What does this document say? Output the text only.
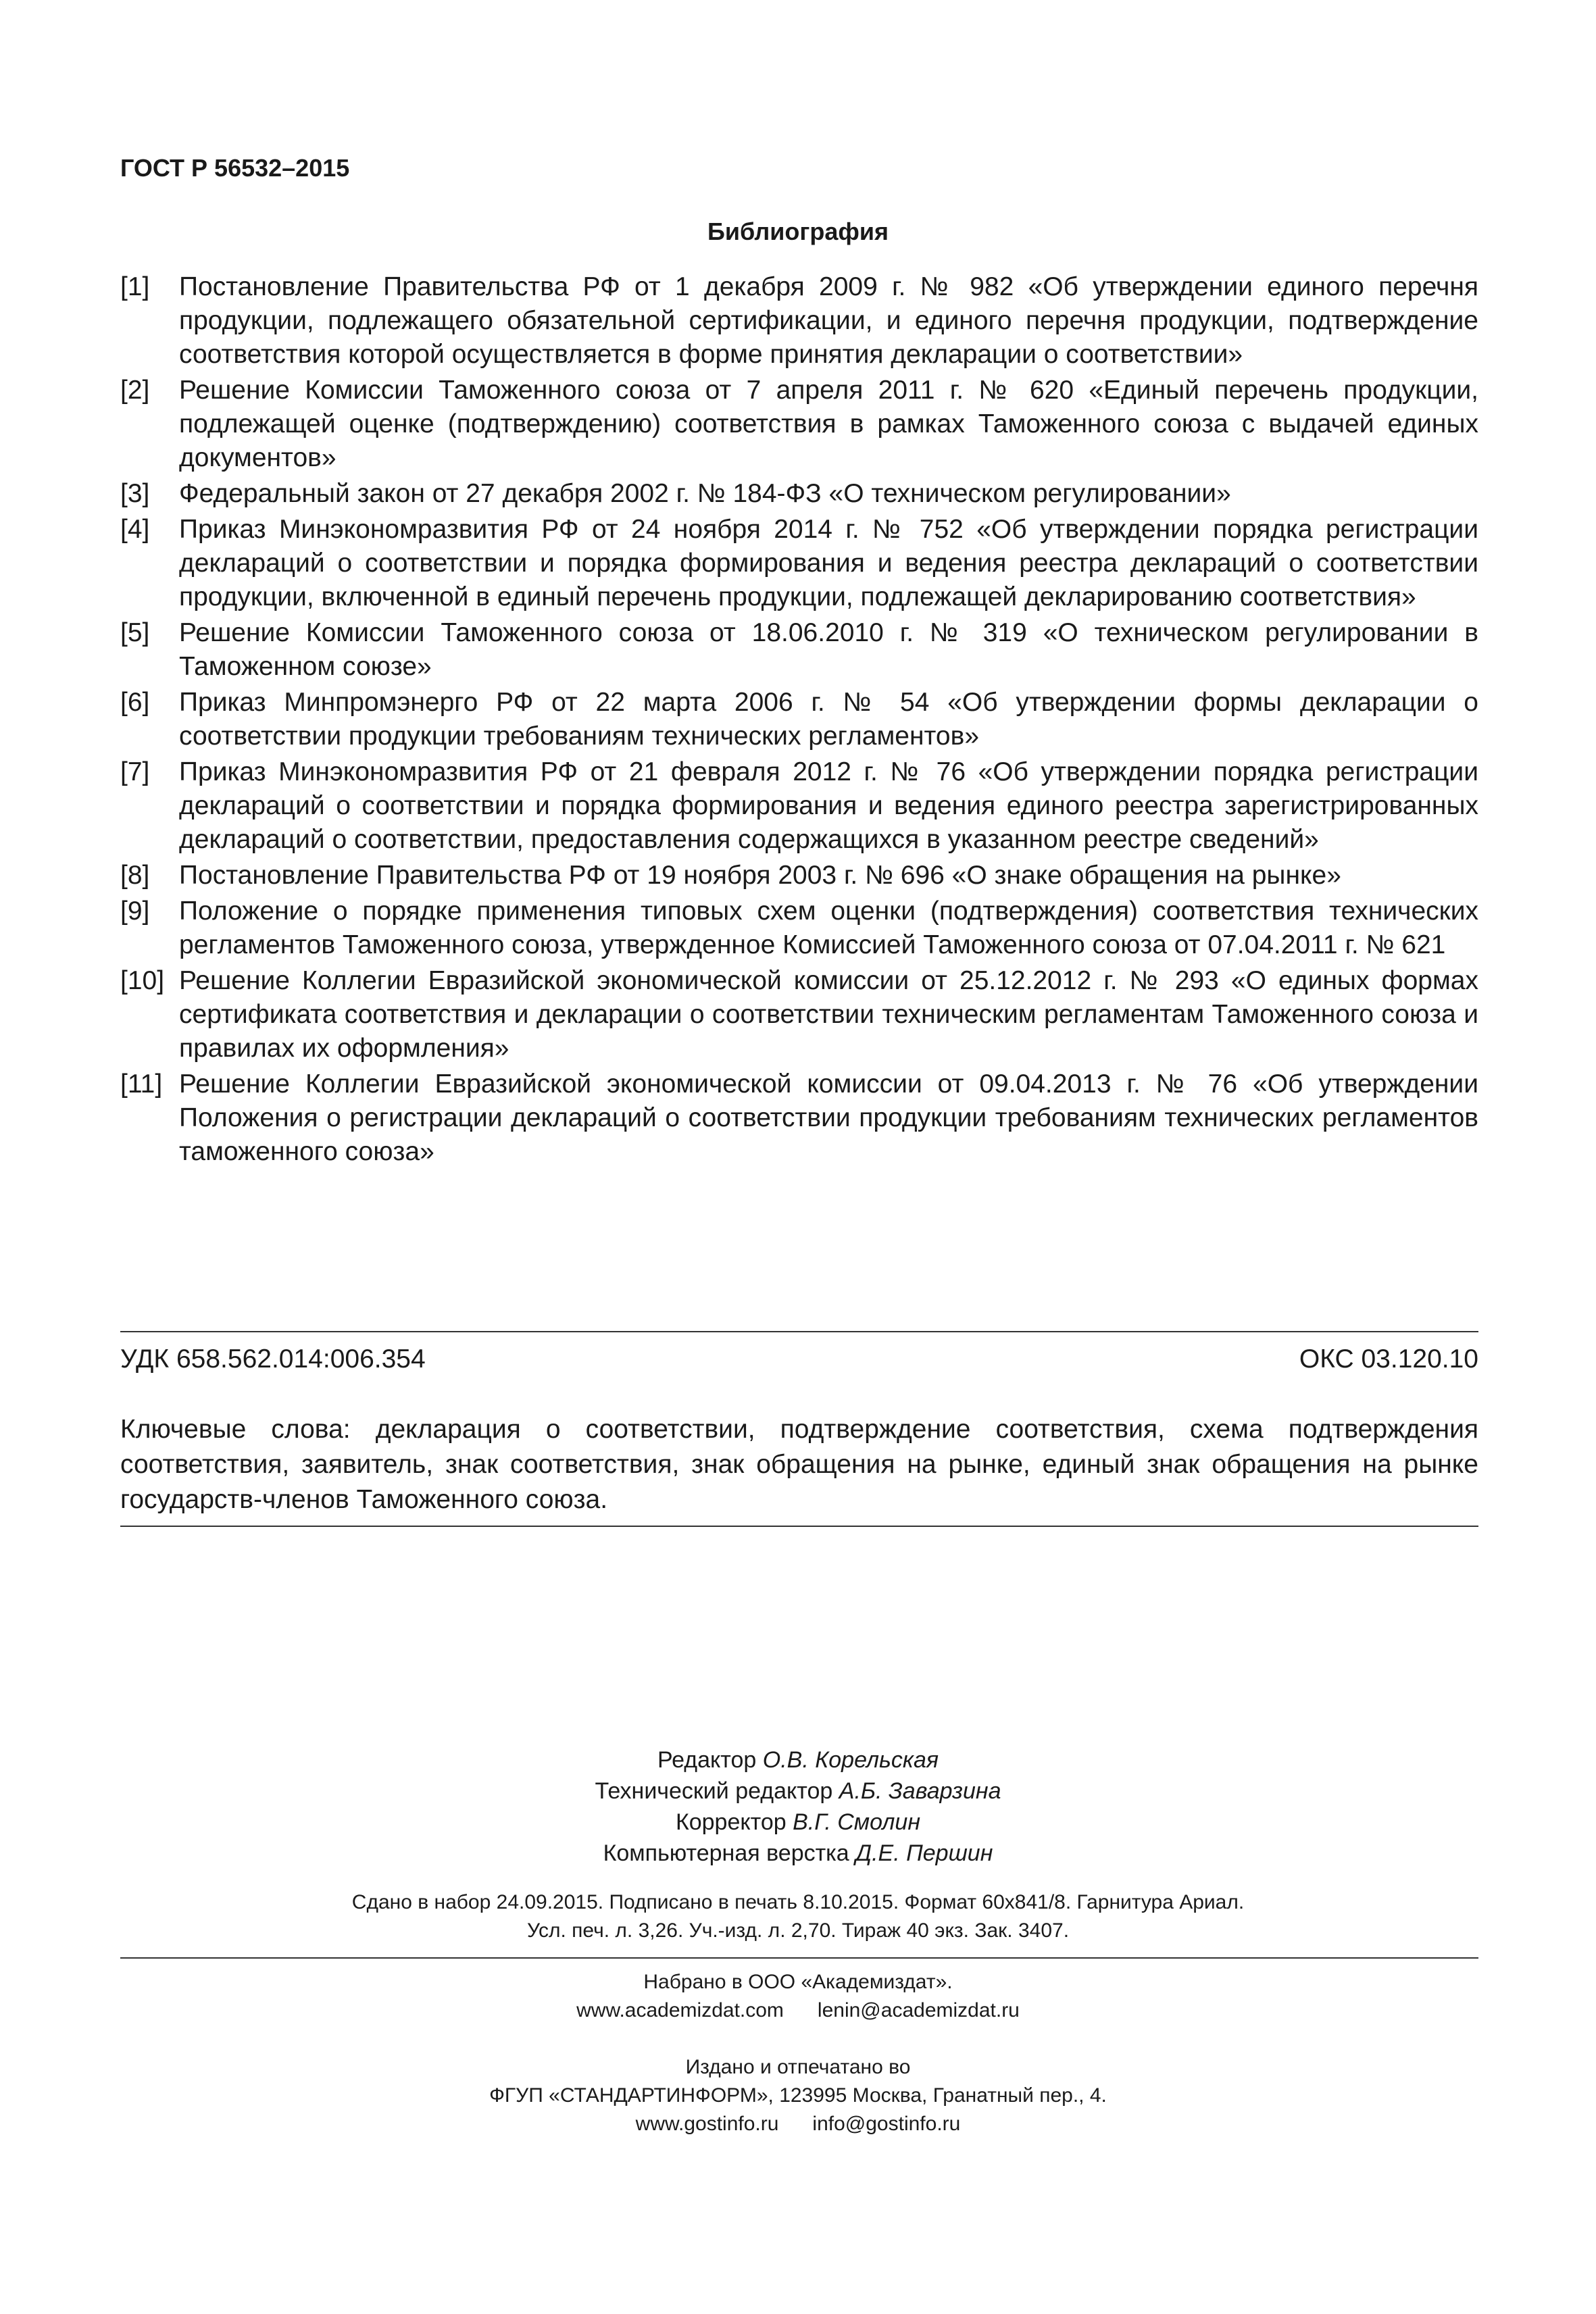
ГОСТ Р 56532–2015
Библиография
[1]	Постановление Правительства РФ от 1 декабря 2009 г. № 982 «Об утверждении единого перечня продукции, подлежащего обязательной сертификации, и единого перечня продукции, подтверждение соответствия которой осуществляется в форме принятия декларации о соответствии»
[2]	Решение Комиссии Таможенного союза от 7 апреля 2011 г. № 620 «Единый перечень продукции, подлежащей оценке (подтверждению) соответствия в рамках Таможенного союза с выдачей единых документов»
[3]	Федеральный закон от 27 декабря 2002 г. № 184-ФЗ «О техническом регулировании»
[4]	Приказ Минэкономразвития РФ от 24 ноября 2014 г. № 752 «Об утверждении порядка регистрации деклараций о соответствии и порядка формирования и ведения реестра деклараций о соответствии продукции, включенной в единый перечень продукции, подлежащей декларированию соответствия»
[5]	Решение Комиссии Таможенного союза от 18.06.2010 г. № 319 «О техническом регулировании в Таможенном союзе»
[6]	Приказ Минпромэнерго РФ от 22 марта 2006 г. № 54 «Об утверждении формы декларации о соответствии продукции требованиям технических регламентов»
[7]	Приказ Минэкономразвития РФ от 21 февраля 2012 г. № 76 «Об утверждении порядка регистрации деклараций о соответствии и порядка формирования и ведения единого реестра зарегистрированных деклараций о соответствии, предоставления содержащихся в указанном реестре сведений»
[8]	Постановление Правительства РФ от 19 ноября 2003 г. № 696 «О знаке обращения на рынке»
[9]	Положение о порядке применения типовых схем оценки (подтверждения) соответствия технических регламентов Таможенного союза, утвержденное Комиссией Таможенного союза от 07.04.2011 г. № 621
[10] Решение Коллегии Евразийской экономической комиссии от 25.12.2012 г. № 293 «О единых формах сертификата соответствия и декларации о соответствии техническим регламентам Таможенного союза и правилах их оформления»
[11] Решение Коллегии Евразийской экономической комиссии от 09.04.2013 г. № 76 «Об утверждении Положения о регистрации деклараций о соответствии продукции требованиям технических регламентов таможенного союза»
УДК 658.562.014:006.354	ОКС 03.120.10

Ключевые слова: декларация о соответствии, подтверждение соответствия, схема подтверждения соответствия, заявитель, знак соответствия, знак обращения на рынке, единый знак обращения на рынке государств-членов Таможенного союза.

Редактор О.В. Корельская
Технический редактор А.Б. Заварзина
Корректор В.Г. Смолин
Компьютерная верстка Д.Е. Першин
Сдано в набор 24.09.2015. Подписано в печать 8.10.2015. Формат 60х841/8. Гарнитура Ариал.
Усл. печ. л. 3,26. Уч.-изд. л. 2,70. Тираж 40 экз. Зак. 3407.
Набрано в ООО «Академиздат».
www.academizdat.com lenin@academizdat.ru
Издано и отпечатано во
ФГУП «СТАНДАРТИНФОРМ», 123995 Москва, Гранатный пер., 4.
www.gostinfo.ru info@gostinfo.ru
